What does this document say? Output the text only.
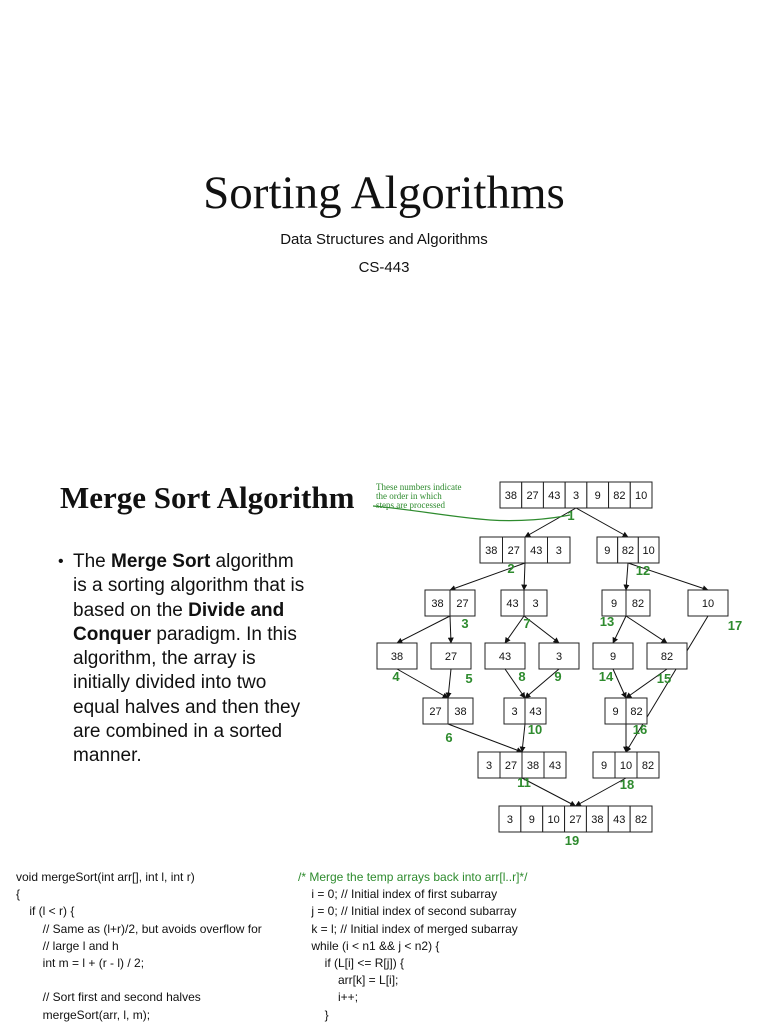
Sorting Algorithms
Data Structures and Algorithms
CS-443
Merge Sort Algorithm
• The Merge Sort algorithm is a sorting algorithm that is based on the Divide and Conquer paradigm. In this algorithm, the array is initially divided into two equal halves and then they are combined in a sorted manner.
38 27 43 3 9 82 10
38 27 43 3	9 82 10
38 27	43 3	9 82	10
38	27	43	3	9	82
27 38	3 43	9 82
3 27 38 43	9 10 82
3 9 10 27 38 43 82
1
2
3
4	5
6
7
8 9
10
11
12
13
14	15
16
17
18
19
These numbers indicate
the order in which
steps are processed
void mergeSort(int arr[], int l, int r)
{
if (l < r) {
// Same as (l+r)/2, but avoids overflow for
// large l and h
int m = l + (r - l) / 2;

// Sort first and second halves
mergeSort(arr, l, m);
/* Merge the temp arrays back into arr[l..r]*/
i = 0; // Initial index of first subarray
j = 0; // Initial index of second subarray
k = l; // Initial index of merged subarray
while (i < n1 && j < n2) {
if (L[i] <= R[j]) {
arr[k] = L[i];
i++;
}
